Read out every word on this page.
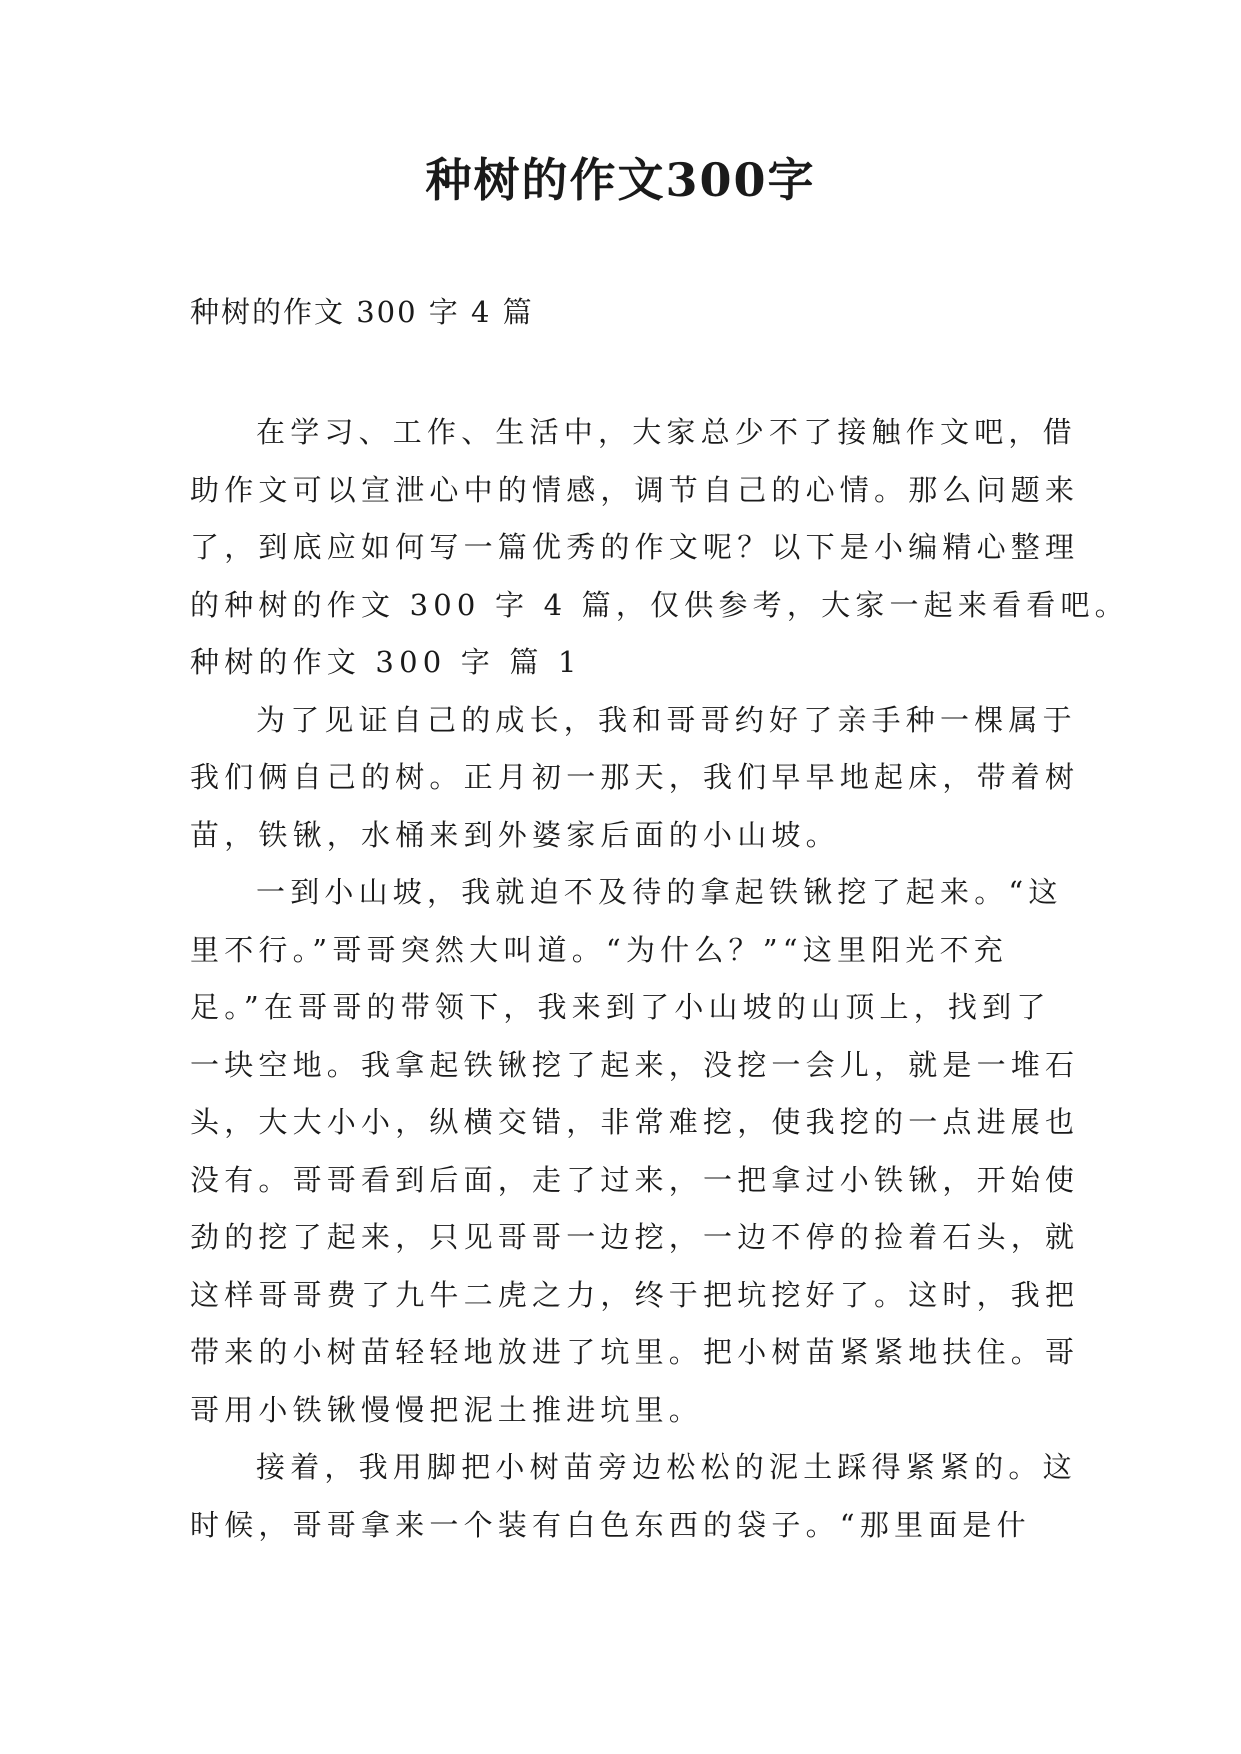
种树的作文300字
种树的作文 300 字 4 篇
在学习、工作、生活中，大家总少不了接触作文吧，借
助作文可以宣泄心中的情感，调节自己的心情。那么问题来
了，到底应如何写一篇优秀的作文呢？以下是小编精心整理
的种树的作文 300 字 4 篇，仅供参考，大家一起来看看吧。
种树的作文 300 字 篇 1
为了见证自己的成长，我和哥哥约好了亲手种一棵属于
我们俩自己的树。正月初一那天，我们早早地起床，带着树
苗，铁锹，水桶来到外婆家后面的小山坡。
一到小山坡，我就迫不及待的拿起铁锹挖了起来。“这
里不行。”哥哥突然大叫道。“为什么？”“这里阳光不充
足。”在哥哥的带领下，我来到了小山坡的山顶上，找到了
一块空地。我拿起铁锹挖了起来，没挖一会儿，就是一堆石
头，大大小小，纵横交错，非常难挖，使我挖的一点进展也
没有。哥哥看到后面，走了过来，一把拿过小铁锹，开始使
劲的挖了起来，只见哥哥一边挖，一边不停的捡着石头，就
这样哥哥费了九牛二虎之力，终于把坑挖好了。这时，我把
带来的小树苗轻轻地放进了坑里。把小树苗紧紧地扶住。哥
哥用小铁锹慢慢把泥土推进坑里。
接着，我用脚把小树苗旁边松松的泥土踩得紧紧的。这
时候，哥哥拿来一个装有白色东西的袋子。“那里面是什
